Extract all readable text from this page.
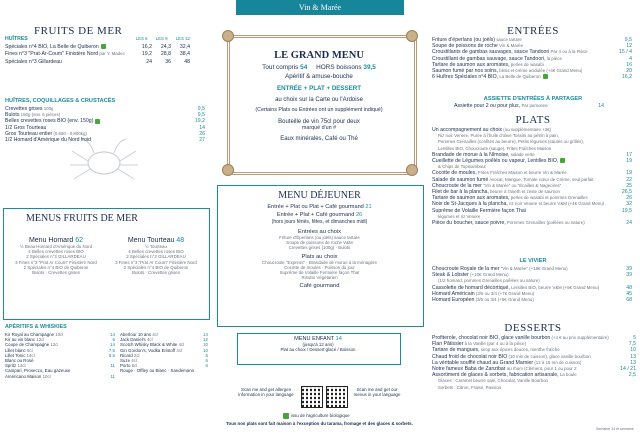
Vin & Marée
FRUITS DE MER
HUÎTRES	LES 6 LES 9 LES 12
Spéciales n°4 BIO, La Belle de Quiberon	16,2	24,3	32,4
Fines n°3 "Prat-Ar-Coum" Finistère Nord par Y. Madec	19,2	28,8	38,4
Spéciales n°3 Gillardeau	24	36	48
HUÎTRES, COQUILLAGES & CRUSTACÉS
Crevettes grises 100g	9,5
Bulots 150g (env. 6 pièces)	9,5
Belles crevettes roses BIO (env. 150g)	19,2
1/2 Gros Tourteau	14
Gros Tourteau entier (0,650 - 0,800kg)	26
1/2 Homard d'Amérique du Nord froid	27
MENUS FRUITS DE MER
Menu Homard 62
½ Beau Homard d'Amérique du Nord
4 Belles crevettes roses BIO
2 Spéciales n°3 GILLARDEAU
3 Fines n°3 "Prat Ar Coum" Finistère Nord
2 Spéciales n°4 BIO de Quiberon
Bulots · Crevettes grises
Menu Tourteau 48
½ Tourteau
4 Belles crevettes roses BIO
2 Spéciales n°3 GILLARDEAU
3 Fines n°3 "Prat Ar Coum" Finistère Nord
2 Spéciales n°4 BIO de Quiberon
Bulots · Crevettes grises
APÉRITIFS & WHISKIES
Kir Royal au Champagne 10cl	14
Kir au vin blanc 12cl	6
Coupe de Champagne 12cl	14
Lillet blanc 6cl	7,5
Lillet Tonic 14cl	9,5
Blanc ou Rosé
Spritz 14cl	11
Campari, Prosecco, Eau gazeuse
Américano Maison 10cl	11
Aberlour 10 ans 4cl	14
Jack Daniel's 4cl	12
Scotch Whisky Black & White 4cl	10
Gin Gordon's, Vodka Eristoff 4cl	10
Ricard 2cl	6
Suze 4cl	6
Porto 6cl	6
Rouge · Offley ou Blanc · Sandemann
LE GRAND MENU
Tout compris 54 HORS boissons 39,5
Apéritif & amuse-bouche
ENTRÉE + PLAT + DESSERT
au choix sur la Carte ou l'Ardoise
(Certains Plats ou Entrées ont un supplément indiqué)
Bouteille de vin 75cl pour deux
marqué d'un #
Eaux minérales, Café ou Thé
MENU DÉJEUNER
Entrée + Plat ou Plat + Café gourmand 21
Entrée + Plat + Café gourmand 26
(hors jours fériés, fêtes, et dimanches midi)
Entrées au choix
Friture d'Éperlans (ou joëls) sauce tartare
Soupe de poissons de roche V&M
Crevettes grises (100g) · Bulots
Plats au choix
Choucroute "Express" · Brandade de morue à la ménagère
Cocotte de moules · Poisson du jour
Suprême de Volaille Fermière façon Thaï
Risotto Végétarien
Café gourmand
MENU ENFANT 14
(jusqu'à 12 ans)
Plat au choix / Dessert glacé / Boisson
Scan me and get allergen information in your language
Scan me and get our menus in your language
issu de l'agriculture biologique
Tous nos plats sont fait maison à l'exception du tarama, fromage et des glaces & sorbets.
ENTRÉES
Friture d'éperlans (ou joëls) sauce tartare	9,5
Soupe de poissons de roche Vin & Marée	12
Croustillants de gambas sauvages, sauce Tandoori Par 4 ou à la Pièce	15 / 4
Croustillant de gambas sauvage, sauce Tandoori, la pièce	4
Tartare de saumon aux aromates, perles de wasabi	16
Saumon fumé par nos soins, blinis et crème acidulée (+4€ Grand Menu)	20
6 Huîtres Spéciales n°4 BIO, La Belle de Quiberon	16,2
ASSIETTE D'ENTRÉES À PARTAGER
Assiette pour 2 ou pour plus, Par personne	14
PLATS
Un accompagnement au choix (ou supplémentaire +3€)
Riz noir Venere, Purée à l'huile d'olive Tossini au pétrin à pain,
Pommes Grenailles (confites au beurre), Petits légumes (sautés ou grillés),
Lentilles BIO, Choucroute (sauge), Frites Fraîches Maison
Brandade de morue à la Nîmoise, salade verte	17
Cueillette de Légumes poêlés ou vapeur, Lentilles BIO,	19
& Chips de Topinambour
Cocotte de moules, Frites Fraîches Maison et beurre Vin & Marée	19
Salade de saumon fumé Avocat, Mangue, Tomate cœur de Crème, seul parfait	22
Choucroute de la mer "Vin & Marée" ou "Écailles & Nageoires"	25
Filet de bar à la plancha, beurre à l'aneth et zeste de saumon	26,5
Tartare de saumon aux aromates, perles de wasabi et pommes Grenailles	26
Noix de St-Jacques à la plancha, riz noir Venere et beurre V&M (+4€ Grand Menu)	32
Suprême de Volaille Fermière façon Thaï	19,5
légumes et riz Venere
Pièce du boucher, sauce poivre, Pommes Grenailles (poêlées ou nature)	24
LE VIVIER
Choucroute Royale de la mer "Vin & Marée" (+18€ Grand Menu)	39
Steak & Lobster (+10€ Grand Menu)	39
(1/2 homard, pommes Grenailles poêlées ou nature)
Cassolette de homard décortiqué, Lentilles BIO, beurre V&M (+5€ Grand Menu)	48
Homard Américain (3/5 ou 3/4 (+7€ Grand Menu)	45
Homard Européen (3/5 ou 3/4 (+5€ Grand Menu)	68
DESSERTS
Profiterole, chocolat noir BIO, glace vanille bourbon (+4 € au prix supplémentaire)	5
Flan Pâtissier à la Vanille (par 4 ou à la pièce)	7,5
Tartare de mangues, sirop aux épices douces, menthe fraîche	10
Chaud froid de chocolat noir BIO (10 min de cuisson), glace vanille bourbon	13
La véritable soufflé chaud au Grand Marnier (12 à 15 mn de cuisson)	13
Notre fameux Baba de Zanzibar au rhum (Clément, pour 1 ou pour 2	14 / 21
Assortiment de glaces & sorbets, fabrication artisanale, La boule	2,5
Glaces : Caramel beurre salé, Chocolat, Vanille Bourbon
Sorbets : Citron, Fraise, Passion
Semaine 14 et semaine
